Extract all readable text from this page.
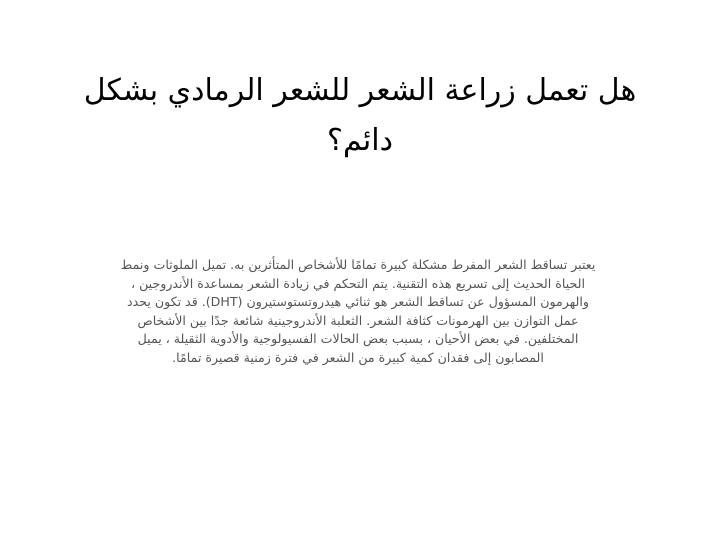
هل تعمل زراعة الشعر للشعر الرمادي بشكل دائم؟

يعتبر تساقط الشعر المفرط مشكلة كبيرة تمامًا للأشخاص المتأثرين به. تميل الملوثات ونمط الحياة الحديث إلى تسريع هذه التقنية. يتم التحكم في زيادة الشعر بمساعدة الأندروجين ، والهرمون المسؤول عن تساقط الشعر هو ثنائي هيدروتستوستيرون (DHT). قد تكون يحدد عمل التوازن بين الهرمونات كثافة الشعر. الثعلبة الأندروجينية شائعة جدًا بين الأشخاص المختلفين. في بعض الأحيان ، بسبب بعض الحالات الفسيولوجية والأدوية الثقيلة ، يميل المصابون إلى فقدان كمية كبيرة من الشعر في فترة زمنية قصيرة تمامًا.
